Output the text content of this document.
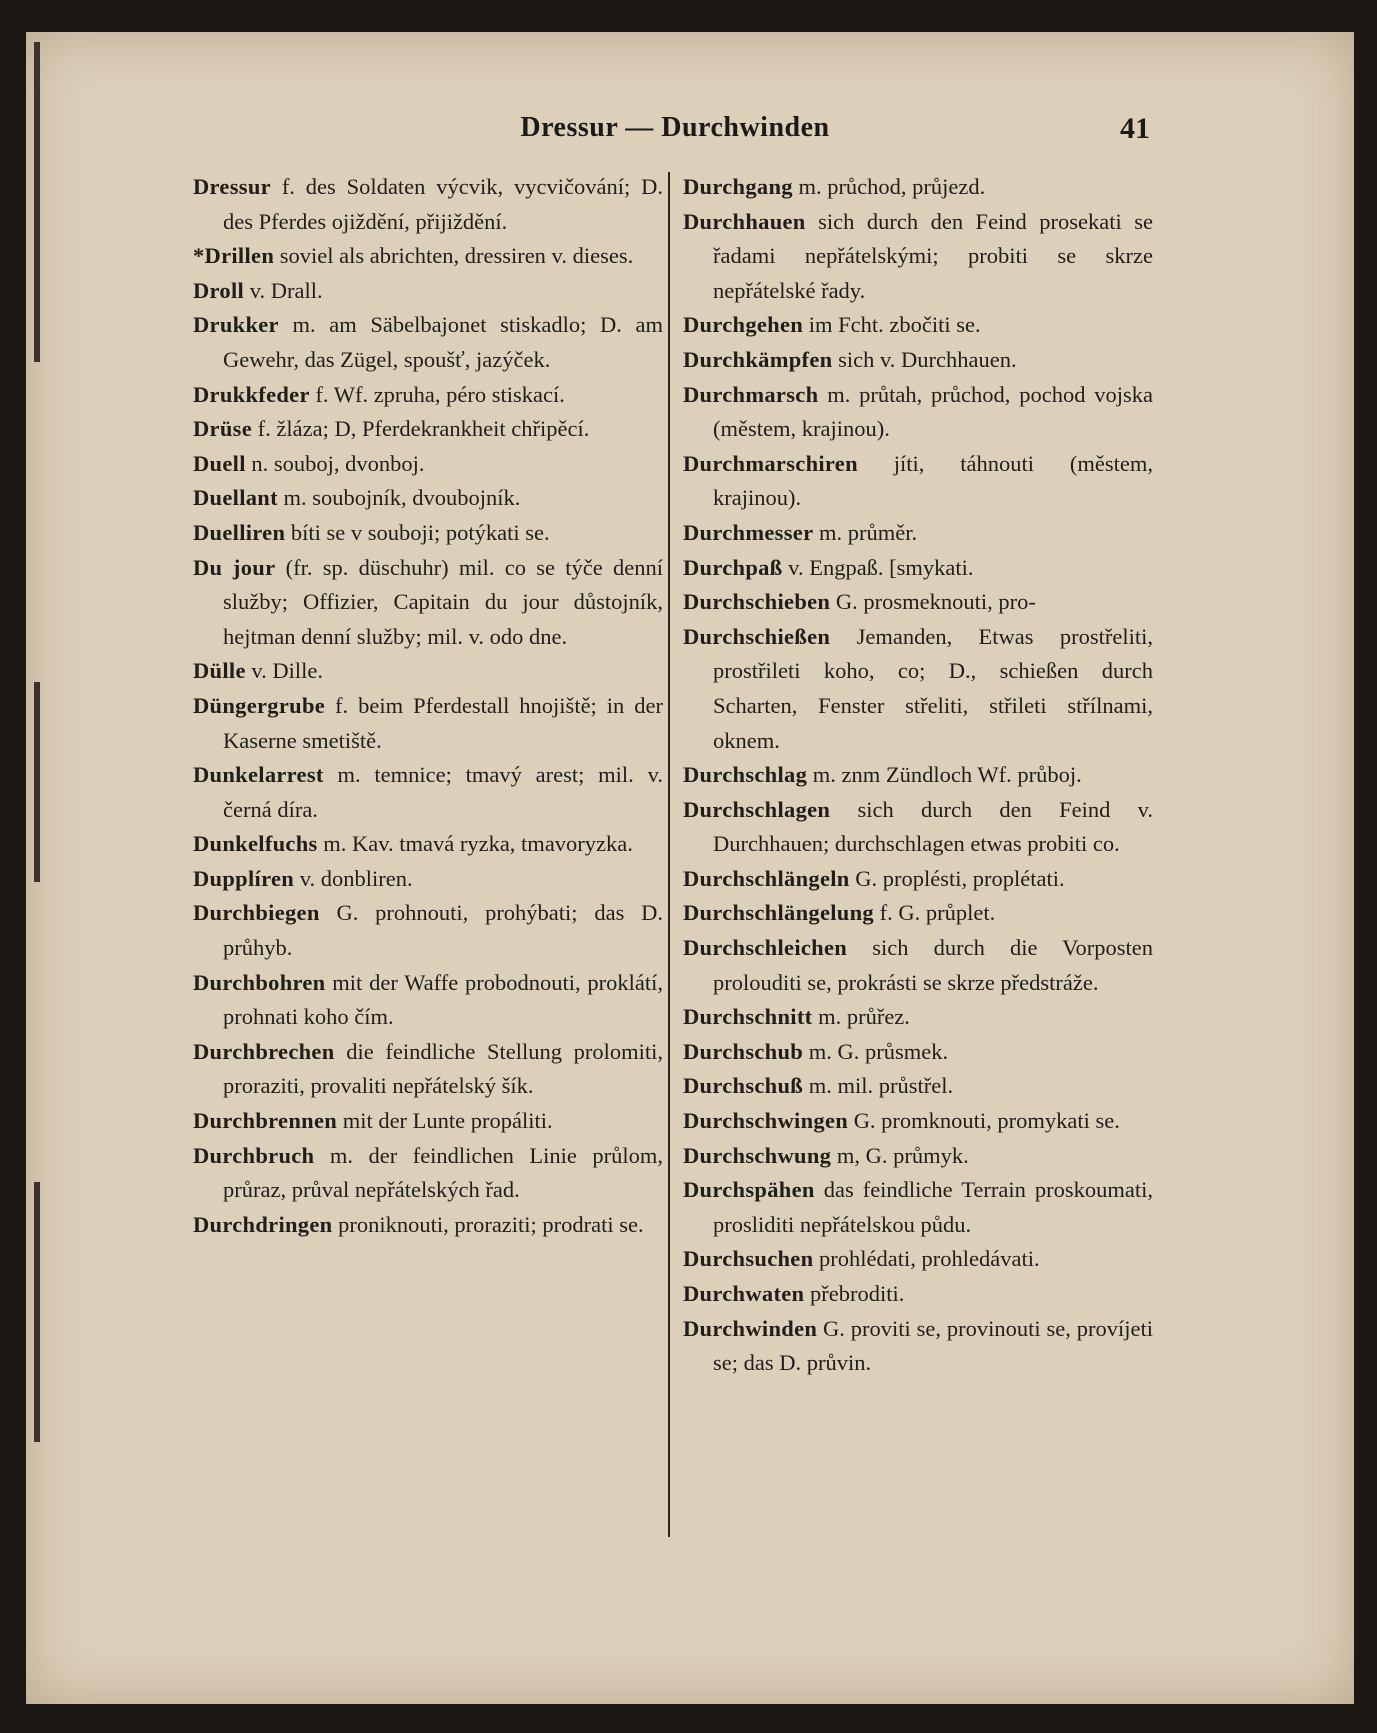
Dressur — Durchwinden	41

Dressur f. des Soldaten výcvik, vycvičování; D. des Pferdes ojiždění, přijiždění.

*Drillen soviel als abrichten, dressiren v. dieses.

Droll v. Drall.

Drukker m. am Säbelbajonet stiskadlo; D. am Gewehr, das Zügel, spoušť, jazýček.

Drukkfeder f. Wf. zpruha, péro stiskací.

Drüse f. žláza; D, Pferdekrankheit chřipěcí.

Duell n. souboj, dvonboj.

Duellant m. soubojník, dvoubojník.

Duelliren bíti se v souboji; potýkati se.

Du jour (fr. sp. düschuhr) mil. co se týče denní služby; Offizier, Capitain du jour důstojník, hejtman denní služby; mil. v. odo dne.

Dülle v. Dille.

Düngergrube f. beim Pferdestall hnojiště; in der Kaserne smetiště.

Dunkelarrest m. temnice; tmavý arest; mil. v. černá díra.

Dunkelfuchs m. Kav. tmavá ryzka, tmavoryzka.

Dupplíren v. donbliren.

Durchbiegen G. prohnouti, prohýbati; das D. průhyb.

Durchbohren mit der Waffe probodnouti, proklátí, prohnati koho čím.

Durchbrechen die feindliche Stellung prolomiti, proraziti, provaliti nepřátelský šík.

Durchbrennen mit der Lunte propáliti.

Durchbruch m. der feindlichen Linie průlom, průraz, průval nepřátelských řad.

Durchdringen proniknouti, proraziti; prodrati se.

Durchgang m. průchod, průjezd.

Durchhauen sich durch den Feind prosekati se řadami nepřátelskými; probiti se skrze nepřátelské řady.

Durchgehen im Fcht. zbočiti se.

Durchkämpfen sich v. Durchhauen.

Durchmarsch m. průtah, průchod, pochod vojska (městem, krajinou).

Durchmarschiren jíti, táhnouti (městem, krajinou).

Durchmesser m. průměr.

Durchpaß v. Engpaß. [smykati.

Durchschieben G. prosmeknouti, pro-

Durchschießen Jemanden, Etwas prostřeliti, prostřileti koho, co; D., schießen durch Scharten, Fenster střeliti, střileti střílnami, oknem.

Durchschlag m. znm Zündloch Wf. průboj.

Durchschlagen sich durch den Feind v. Durchhauen; durchschlagen etwas probiti co.

Durchschlängeln G. proplésti, proplétati.

Durchschlängelung f. G. průplet.

Durchschleichen sich durch die Vorposten prolouditi se, prokrásti se skrze předstráže.

Durchschnitt m. průřez.

Durchschub m. G. průsmek.

Durchschuß m. mil. průstřel.

Durchschwingen G. promknouti, promykati se.

Durchschwung m, G. průmyk.

Durchspähen das feindliche Terrain proskoumati, prosliditi nepřátelskou půdu.

Durchsuchen prohlédati, prohledávati.

Durchwaten přebroditi.

Durchwinden G. proviti se, provinouti se, províjeti se; das D. průvin.
